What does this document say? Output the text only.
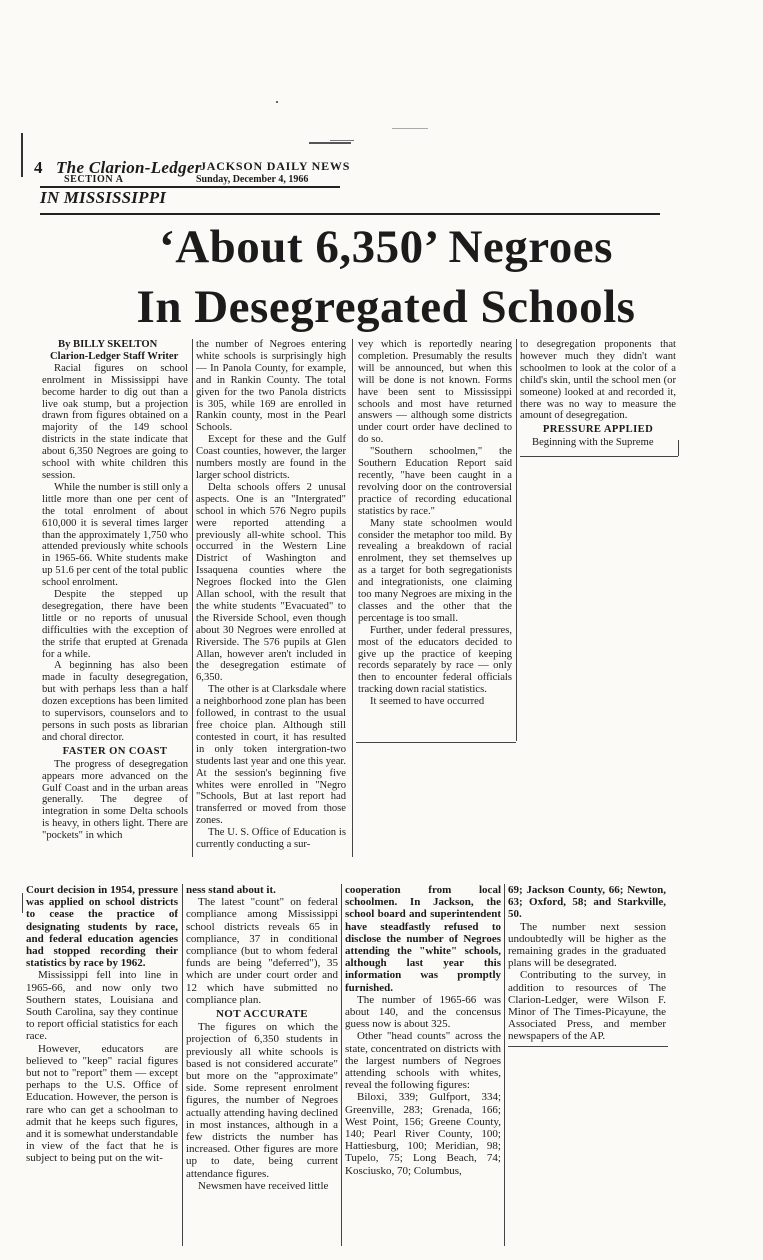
4 The Clarion-Ledger
JACKSON DAILY NEWS
SECTION A	Sunday, December 4, 1966
IN MISSISSIPPI
‘About 6,350’ Negroes
In Desegregated Schools

By BILLY SKELTON

Clarion-Ledger Staff Writer

Racial figures on school enrolment in Mississippi have become harder to dig out than a live oak stump, but a projection drawn from figures obtained on a majority of the 149 school districts in the state indicate that about 6,350 Negroes are going to school with white children this session.

While the number is still only a little more than one per cent of the total enrolment of about 610,000 it is several times larger than the approximately 1,750 who attended previously white schools in 1965-66. White students make up 51.6 per cent of the total public school enrolment.

Despite the stepped up desegregation, there have been little or no reports of unusual difficulties with the exception of the strife that erupted at Grenada for a while.

A beginning has also been made in faculty desegregation, but with perhaps less than a half dozen exceptions has been limited to supervisors, counselors and to persons in such posts as librarian and choral director.

FASTER ON COAST

The progress of desegregation appears more advanced on the Gulf Coast and in the urban areas generally. The degree of integration in some Delta schools is heavy, in others light. There are "pockets" in which

the number of Negroes entering white schools is surprisingly high — In Panola County, for example, and in Rankin County. The total given for the two Panola districts is 305, while 169 are enrolled in Rankin county, most in the Pearl Schools.

Except for these and the Gulf Coast counties, however, the larger numbers mostly are found in the larger school districts.

Delta schools offers 2 unusal aspects. One is an "Intergrated" school in which 576 Negro pupils were reported attending a previously all-white school. This occurred in the Western Line District of Washington and Issaquena counties where the Negroes flocked into the Glen Allan school, with the result that the white students "Evacuated" to the Riverside School, even though about 30 Negroes were enrolled at Riverside. The 576 pupils at Glen Allan, however aren't included in the desegregation estimate of 6,350.

The other is at Clarksdale where a neighborhood zone plan has been followed, in contrast to the usual free choice plan. Although still contested in court, it has resulted in only token intergration-two students last year and one this year. At the session's beginning five whites were enrolled in "Negro "Schools, But at last report had transferred or moved from those zones.

The U. S. Office of Education is currently conducting a sur-

vey which is reportedly nearing completion. Presumably the results will be announced, but when this will be done is not known. Forms have been sent to Mississippi schools and most have returned answers — although some districts under court order have declined to do so.

"Southern schoolmen," the Southern Education Report said recently, "have been caught in a revolving door on the controversial practice of recording educational statistics by race."

Many state schoolmen would consider the metaphor too mild. By revealing a breakdown of racial enrolment, they set themselves up as a target for both segregationists and integrationists, one claiming too many Negroes are mixing in the classes and the other that the percentage is too small.

Further, under federal pressures, most of the educators decided to give up the practice of keeping records separately by race — only then to encounter federal officials tracking down racial statistics.

It seemed to have occurred

to desegregation proponents that however much they didn't want schoolmen to look at the color of a child's skin, until the school men (or someone) looked at and recorded it, there was no way to measure the amount of desegregation.

PRESSURE APPLIED

Beginning with the Supreme

Court decision in 1954, pressure was applied on school districts to cease the practice of designating students by race, and federal education agencies had stopped recording their statistics by race by 1962.

Mississippi fell into line in 1965-66, and now only two Southern states, Louisiana and South Carolina, say they continue to report official statistics for each race.

However, educators are believed to "keep" racial figures but not to "report" them — except perhaps to the U.S. Office of Education. However, the person is rare who can get a schoolman to admit that he keeps such figures, and it is somewhat understandable in view of the fact that he is subject to being put on the wit-

ness stand about it.

The latest "count" on federal compliance among Mississippi school districts reveals 65 in compliance, 37 in conditional compliance (but to whom federal funds are being "deferred"), 35 which are under court order and 12 which have submitted no compliance plan.

NOT ACCURATE

The figures on which the projection of 6,350 students in previously all white schools is based is not considered accurate" but more on the "approximate" side. Some represent enrolment figures, the number of Negroes actually attending having declined in most instances, although in a few districts the number has increased. Other figures are more up to date, being current attendance figures.

Newsmen have received little

cooperation from local schoolmen. In Jackson, the school board and superintendent have steadfastly refused to disclose the number of Negroes attending the "white" schools, although last year this information was promptly furnished.

The number of 1965-66 was about 140, and the concensus guess now is about 325.

Other "head counts" across the state, concentrated on districts with the largest numbers of Negroes attending schools with whites, reveal the following figures:

Biloxi, 339; Gulfport, 334; Greenville, 283; Grenada, 166; West Point, 156; Greene County, 140; Pearl River County, 100; Hattiesburg, 100; Meridian, 98; Tupelo, 75; Long Beach, 74; Kosciusko, 70; Columbus,

69; Jackson County, 66; Newton, 63; Oxford, 58; and Starkville, 50.

The number next session undoubtedly will be higher as the remaining grades in the graduated plans will be desegrated.

Contributing to the survey, in addition to resources of The Clarion-Ledger, were Wilson F. Minor of The Times-Picayune, the Associated Press, and member newspapers of the AP.
